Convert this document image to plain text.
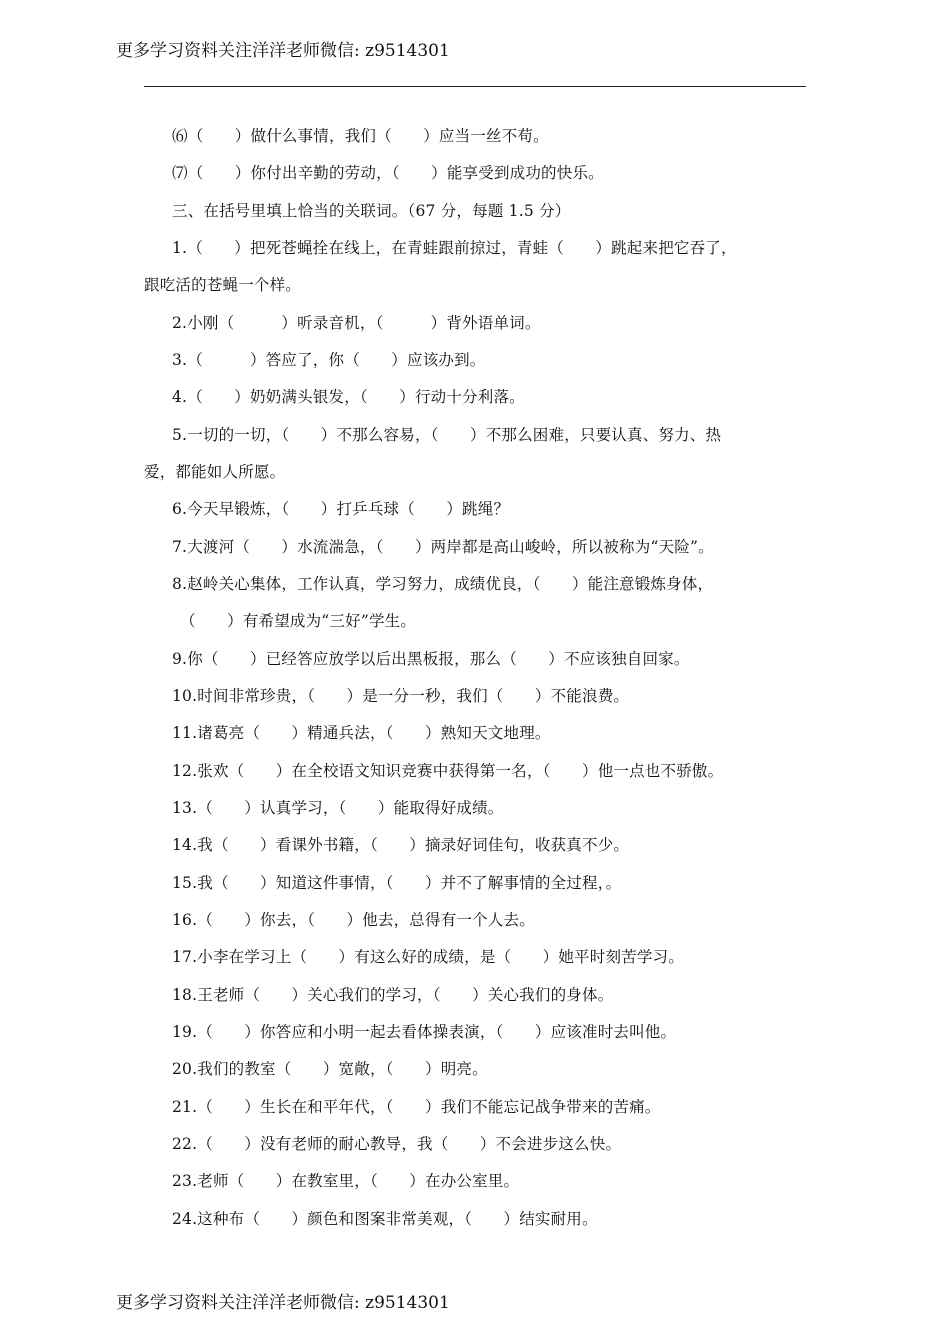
更多学习资料关注洋洋老师微信: z9514301
⑹（　　）做什么事情，我们（　　）应当一丝不苟。
⑺（　　）你付出辛勤的劳动，（　　）能享受到成功的快乐。
三、在括号里填上恰当的关联词。（67 分，每题 1.5 分）
1.（　　）把死苍蝇拴在线上，在青蛙跟前掠过，青蛙（　　）跳起来把它吞了，
跟吃活的苍蝇一个样。
2.小刚（　　　）听录音机，（　　　）背外语单词。
3.（　　　）答应了，你（　　）应该办到。
4.（　　）奶奶满头银发，（　　）行动十分利落。
5.一切的一切，（　　）不那么容易，（　　）不那么困难，只要认真、努力、热
爱，都能如人所愿。
6.今天早锻炼，（　　）打乒乓球（　　）跳绳？
7.大渡河（　　）水流湍急，（　　）两岸都是高山峻岭，所以被称为“天险”。
8.赵岭关心集体，工作认真，学习努力，成绩优良，（　　）能注意锻炼身体，
（　　）有希望成为“三好”学生。
9.你（　　）已经答应放学以后出黑板报，那么（　　）不应该独自回家。
10.时间非常珍贵，（　　）是一分一秒，我们（　　）不能浪费。
11.诸葛亮（　　）精通兵法，（　　）熟知天文地理。
12.张欢（　　）在全校语文知识竞赛中获得第一名，（　　）他一点也不骄傲。
13.（　　）认真学习，（　　）能取得好成绩。
14.我（　　）看课外书籍，（　　）摘录好词佳句，收获真不少。
15.我（　　）知道这件事情，（　　）并不了解事情的全过程，。
16.（　　）你去，（　　）他去，总得有一个人去。
17.小李在学习上（　　）有这么好的成绩，是（　　）她平时刻苦学习。
18.王老师（　　）关心我们的学习，（　　）关心我们的身体。
19.（　　）你答应和小明一起去看体操表演，（　　）应该准时去叫他。
20.我们的教室（　　）宽敞，（　　）明亮。
21.（　　）生长在和平年代，（　　）我们不能忘记战争带来的苦痛。
22.（　　）没有老师的耐心教导，我（　　）不会进步这么快。
23.老师（　　）在教室里，（　　）在办公室里。
24.这种布（　　）颜色和图案非常美观，（　　）结实耐用。
更多学习资料关注洋洋老师微信: z9514301
